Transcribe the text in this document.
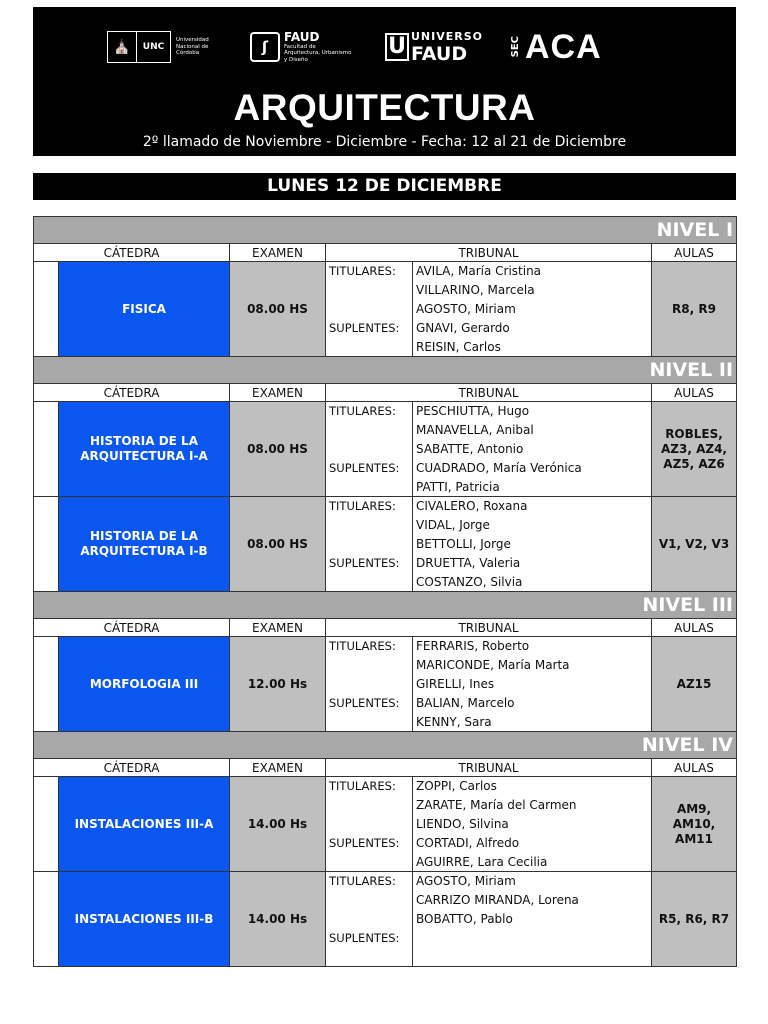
⛪	UNC
Universidad Nacional de Córdoba	ʃ
FAUD
Facultad de Arquitectura, Urbanismo y Diseño
U UNIVERSO
FAUD	SEC ACA
ARQUITECTURA
2º llamado de Noviembre - Diciembre - Fecha: 12 al 21 de Diciembre
LUNES 12 DE DICIEMBRE
NIVEL I					
CÁTEDRA		EXAMEN	TRIBUNAL		AULAS
	FISICA	08.00 HS	TITULARES:	AVILA, María Cristina	R8, R9
				VILLARINO, Marcela	
				AGOSTO, Miriam	
			SUPLENTES:	GNAVI, Gerardo	
				REISIN, Carlos	
NIVEL II					
CÁTEDRA		EXAMEN	TRIBUNAL		AULAS
	HISTORIA DE LA ARQUITECTURA I-A	08.00 HS	TITULARES:	PESCHIUTTA, Hugo	ROBLES, AZ3, AZ4, AZ5, AZ6
				MANAVELLA, Anibal	
				SABATTE, Antonio	
			SUPLENTES:	CUADRADO, María Verónica	
				PATTI, Patricia	
	HISTORIA DE LA ARQUITECTURA I-B	08.00 HS	TITULARES:	CIVALERO, Roxana	V1, V2, V3
				VIDAL, Jorge	
				BETTOLLI, Jorge	
			SUPLENTES:	DRUETTA, Valeria	
				COSTANZO, Silvia	
NIVEL III					
CÁTEDRA		EXAMEN	TRIBUNAL		AULAS
	MORFOLOGIA III	12.00 Hs	TITULARES:	FERRARIS, Roberto	AZ15
				MARICONDE, María Marta	
				GIRELLI, Ines	
			SUPLENTES:	BALIAN, Marcelo	
				KENNY, Sara	
NIVEL IV					
CÁTEDRA		EXAMEN	TRIBUNAL		AULAS
	INSTALACIONES III-A	14.00 Hs	TITULARES:	ZOPPI, Carlos	AM9, AM10, AM11
				ZARATE, María del Carmen	
				LIENDO, Silvina	
			SUPLENTES:	CORTADI, Alfredo	
				AGUIRRE, Lara Cecilia	
	INSTALACIONES III-B	14.00 Hs	TITULARES:	AGOSTO, Miriam	R5, R6, R7
				CARRIZO MIRANDA, Lorena	
				BOBATTO, Pablo	
			SUPLENTES:		
